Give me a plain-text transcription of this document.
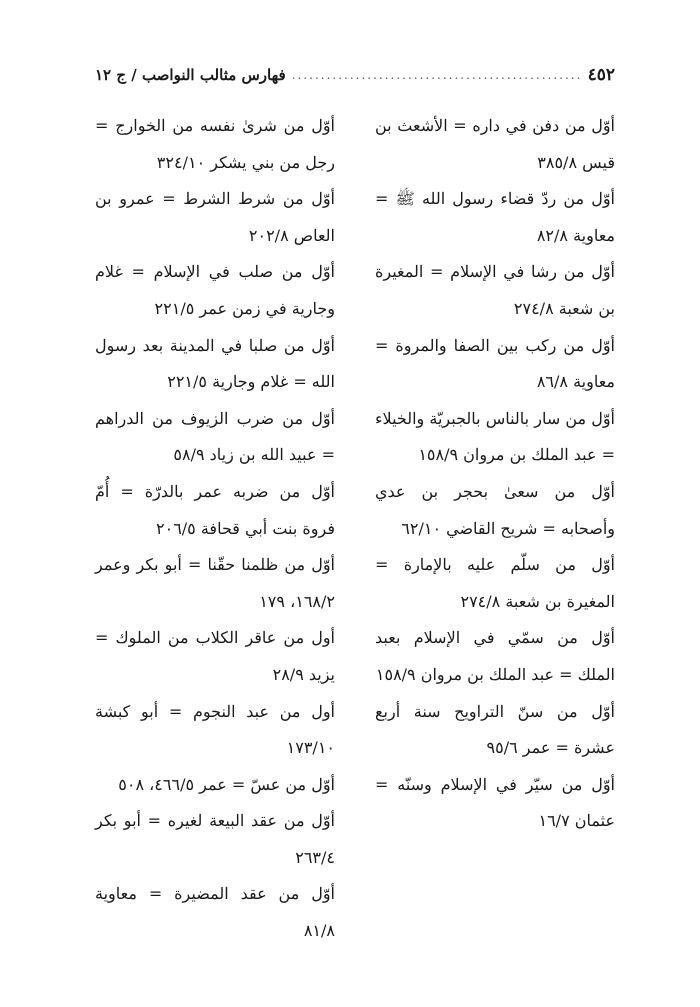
٤٥٢
.....
فهارس مثالب النواصب / ج ١٢
أوّل من دفن في داره = الأشعث بن قيس ٣٨٥/٨
أوّل من ردّ قضاء رسول الله ﷺ = معاوية ٨٢/٨
أوّل من رشا في الإسلام = المغيرة بن شعبة ٢٧٤/٨
أوّل من ركب بين الصفا والمروة = معاوية ٨٦/٨
أوّل من سار بالناس بالجبريّة والخيلاء = عبد الملك بن مروان ١٥٨/٩
أوّل من سعىٰ بحجر بن عدي وأصحابه = شريح القاضي ٦٢/١٠
أوّل من سلّم عليه بالإمارة = المغيرة بن شعبة ٢٧٤/٨
أوّل من سمّي في الإسلام بعبد الملك = عبد الملك بن مروان ١٥٨/٩
أوّل من سنّ التراويح سنة أربع عشرة = عمر ٩٥/٦
أوّل من سيّر في الإسلام وسنّه = عثمان ١٦/٧
أوّل من شرىٰ نفسه من الخوارج = رجل من بني يشكر ٣٢٤/١٠
أوّل من شرط الشرط = عمرو بن العاص ٢٠٢/٨
أوّل من صلب في الإسلام = غلام وجارية في زمن عمر ٢٢١/٥
أوّل من صلبا في المدينة بعد رسول الله = غلام وجارية ٢٢١/٥
أوّل من ضرب الزيوف من الدراهم = عبيد الله بن زياد ٥٨/٩
أوّل من ضربه عمر بالدرّة = أُمّ فروة بنت أبي قحافة ٢٠٦/٥
أوّل من ظلمنا حقّنا = أبو بكر وعمر ١٦٨/٢، ١٧٩
أول من عاقر الكلاب من الملوك = يزيد ٢٨/٩
أول من عبد النجوم = أبو كبشة ١٧٣/١٠
أوّل من عسّ = عمر ٤٦٦/٥، ٥٠٨
أوّل من عقد البيعة لغيره = أبو بكر ٢٦٣/٤
أوّل من عقد المضيرة = معاوية ٨١/٨
